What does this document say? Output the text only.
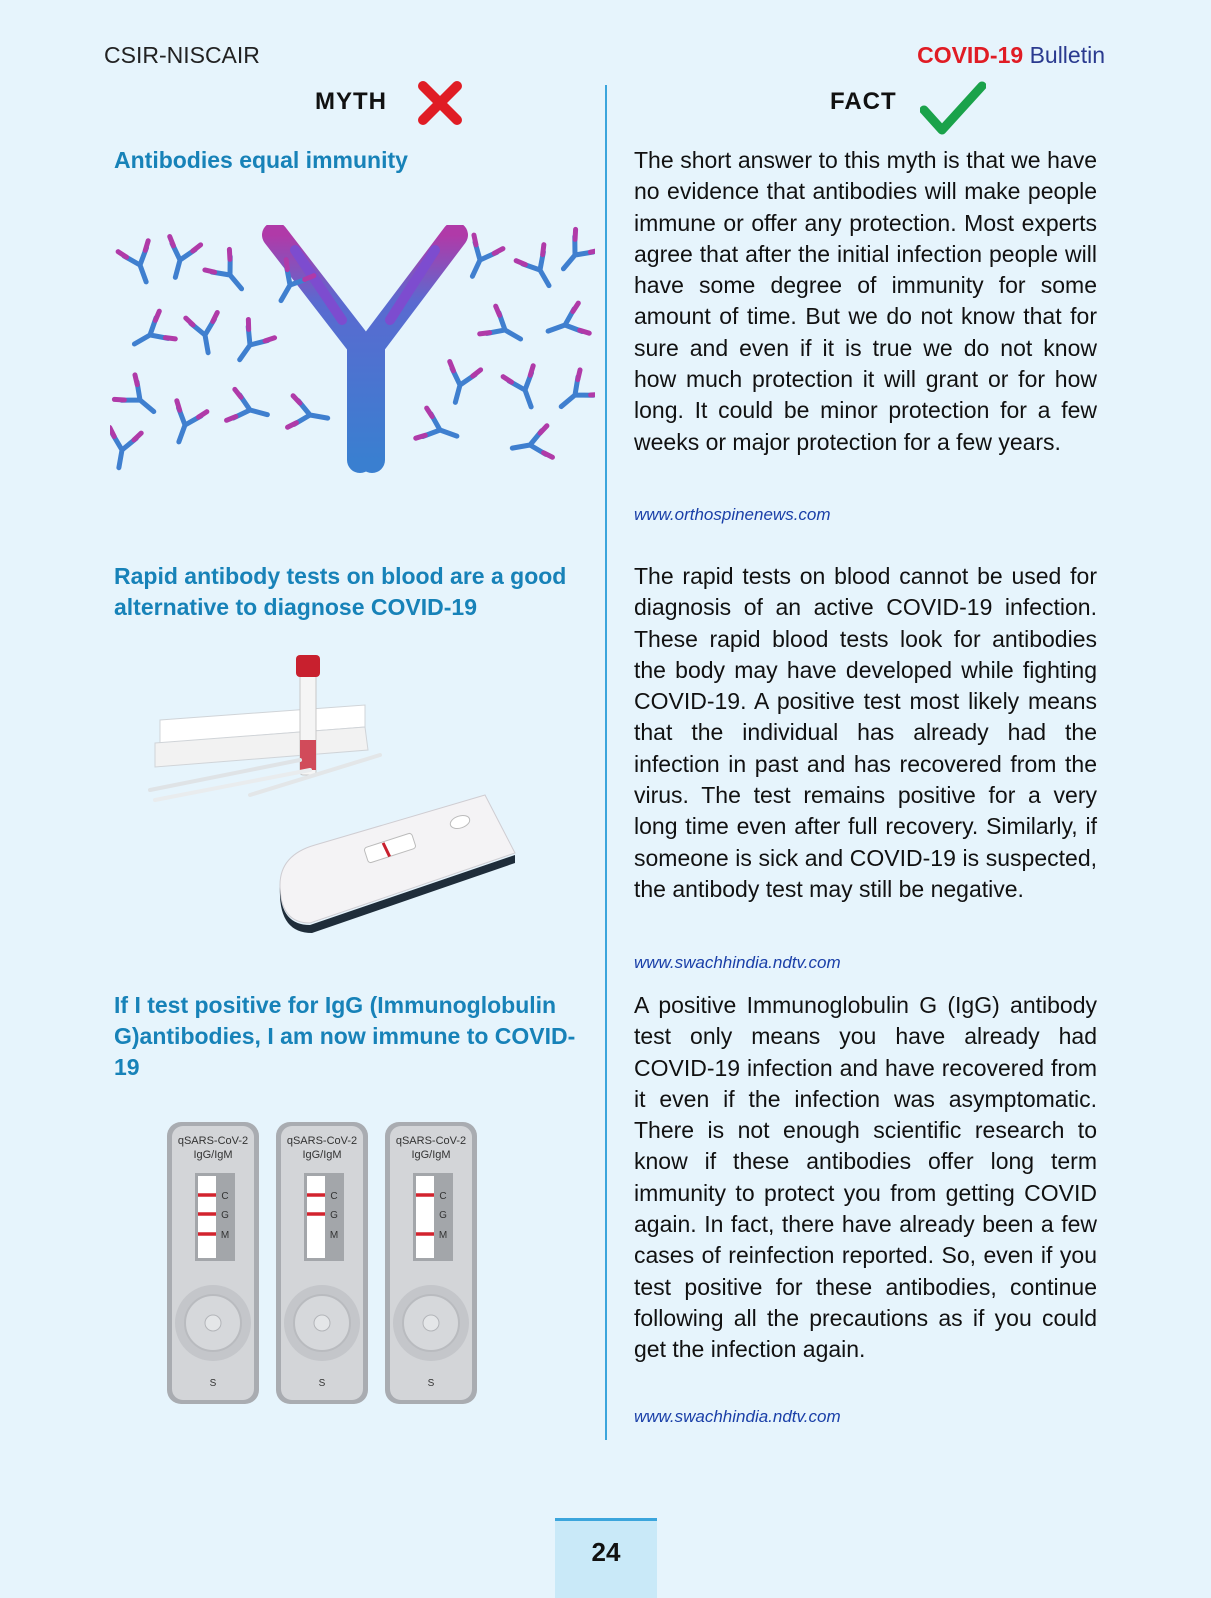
CSIR-NISCAIR	COVID-19 Bulletin
MYTH	FACT
Antibodies equal immunity	The short answer to this myth is that we have no evidence that antibodies will make people immune or offer any protection. Most experts agree that after the initial infection people will have some degree of immunity for some amount of time. But we do not know that for sure and even if it is true we do not know how much protection it will grant or for how long. It could be minor protection for a few weeks or major protection for a few years.
www.orthospinenews.com
Rapid antibody tests on blood are a good alternative to diagnose COVID-19
The rapid tests on blood cannot be used for diagnosis of an active COVID-19 infection. These rapid blood tests look for antibodies the body may have developed while fighting COVID-19. A positive test most likely means that the individual has already had the infection in past and has recovered from the virus. The test remains positive for a very long time even after full recovery. Similarly, if someone is sick and COVID-19 is suspected, the antibody test may still be negative.
www.swachhindia.ndtv.com
If I test positive for IgG (Immunoglobulin G)antibodies, I am now immune to COVID-19
A positive Immunoglobulin G (IgG) antibody test only means you have already had COVID-19 infection and have recovered from it even if the infection was asymptomatic. There is not enough scientific research to know if these antibodies offer long term immunity to protect you from getting COVID again. In fact, there have already been a few cases of reinfection reported. So, even if you test positive for these antibodies, continue following all the precautions as if you could get the infection again.
www.swachhindia.ndtv.com
qSARS-CoV-2
IgG/IgM
C
G
M
S
qSARS-CoV-2
IgG/IgM
C
G
M
S
qSARS-CoV-2
IgG/IgM
C
G
M
S
24
